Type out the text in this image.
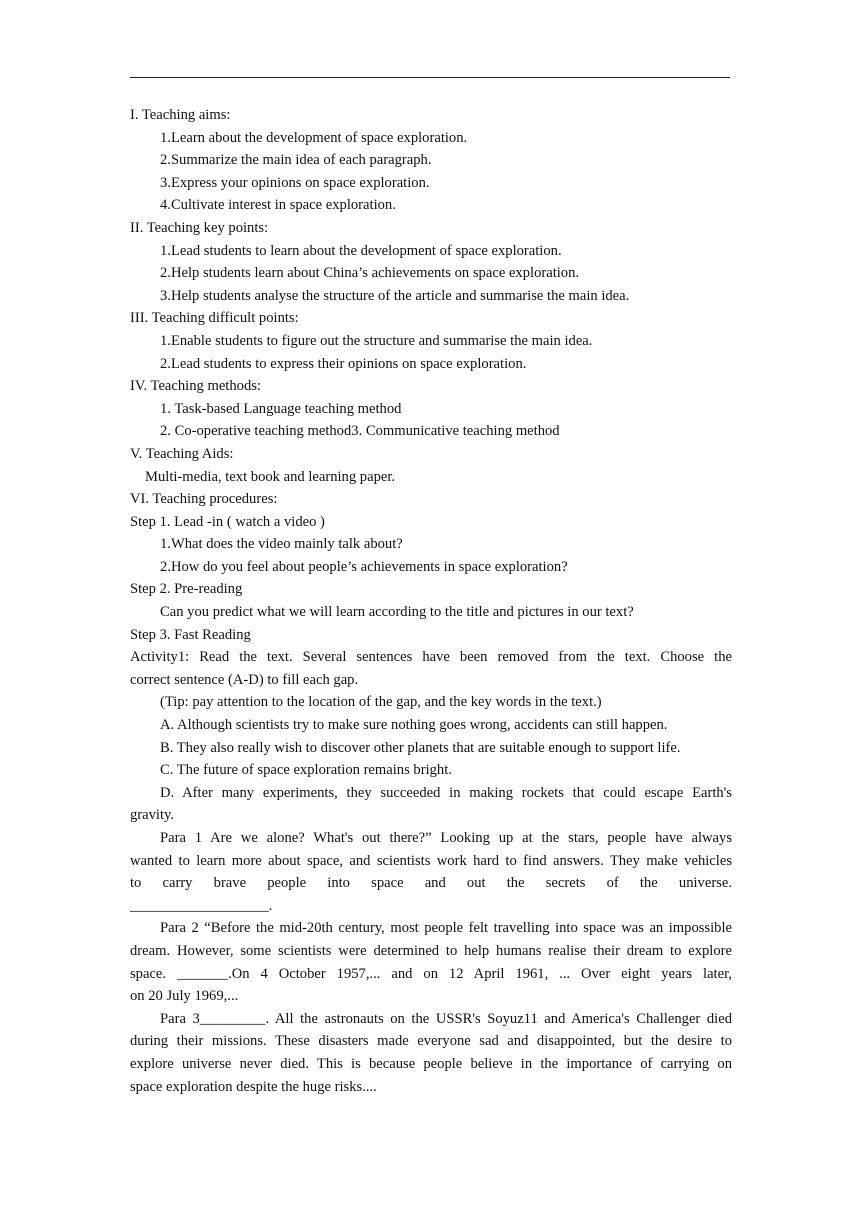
I. Teaching aims:
1.Learn about the development of space exploration.
2.Summarize the main idea of each paragraph.
3.Express your opinions on space exploration.
4.Cultivate interest in space exploration.
II. Teaching key points:
1.Lead students to learn about the development of space exploration.
2.Help students learn about China’s achievements on space exploration.
3.Help students analyse the structure of the article and summarise the main idea.
III. Teaching difficult points:
1.Enable students to figure out the structure and summarise the main idea.
2.Lead students to express their opinions on space exploration.
IV. Teaching methods:
1. Task-based Language teaching method
2. Co-operative teaching method3. Communicative teaching method
V. Teaching Aids:
Multi-media, text book and learning paper.
VI. Teaching procedures:
Step 1. Lead -in ( watch a video )
1.What does the video mainly talk about?
2.How do you feel about people’s achievements in space exploration?
Step 2. Pre-reading
Can you predict what we will learn according to the title and pictures in our text?
Step 3. Fast Reading
Activity1: Read the text. Several sentences have been removed from the text. Choose the
correct sentence (A-D) to fill each gap.
(Tip: pay attention to the location of the gap, and the key words in the text.)
A. Although scientists try to make sure nothing goes wrong, accidents can still happen.
B. They also really wish to discover other planets that are suitable enough to support life.
C. The future of space exploration remains bright.
D. After many experiments, they succeeded in making rockets that could escape Earth's
gravity.
Para 1 Are we alone? What's out there?” Looking up at the stars, people have always
wanted to learn more about space, and scientists work hard to find answers. They make vehicles
to carry brave people into space and out the secrets of the universe.
___________________.
Para 2 “Before the mid-20th century, most people felt travelling into space was an impossible
dream. However, some scientists were determined to help humans realise their dream to explore
space. _______.On 4 October 1957,... and on 12 April 1961, ... Over eight years later,
on 20 July 1969,...
Para 3_________. All the astronauts on the USSR's Soyuz11 and America's Challenger died
during their missions. These disasters made everyone sad and disappointed, but the desire to
explore universe never died. This is because people believe in the importance of carrying on
space exploration despite the huge risks....
